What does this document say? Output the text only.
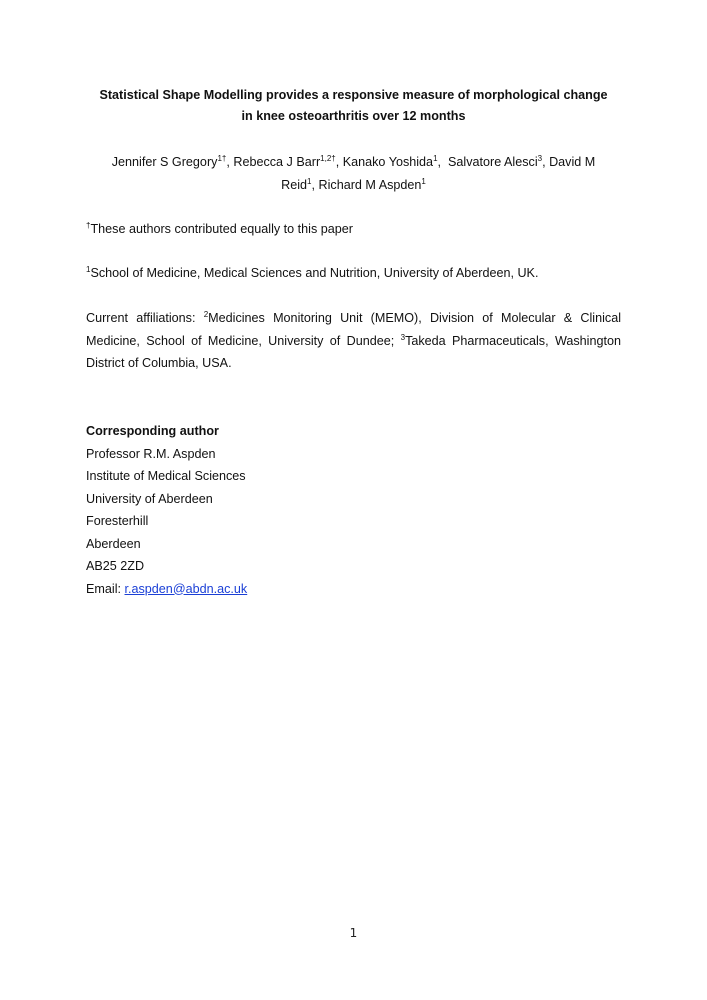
Statistical Shape Modelling provides a responsive measure of morphological change
in knee osteoarthritis over 12 months
Jennifer S Gregory$^{1\dagger}$, Rebecca J Barr$^{1,2\dagger}$, Kanako Yoshida$^1$,  Salvatore Alesci$^3$, David M
Reid$^1$, Richard M Aspden$^1$
†These authors contributed equally to this paper
$^1$School of Medicine, Medical Sciences and Nutrition, University of Aberdeen, UK.
Current affiliations: $^2$Medicines Monitoring Unit (MEMO), Division of Molecular & Clinical
Medicine, School of Medicine, University of Dundee; $^3$Takeda Pharmaceuticals, Washington
District of Columbia, USA.
Corresponding author
Professor R.M. Aspden
Institute of Medical Sciences
University of Aberdeen
Foresterhill
Aberdeen
AB25 2ZD
Email: r.aspden@abdn.ac.uk
1
